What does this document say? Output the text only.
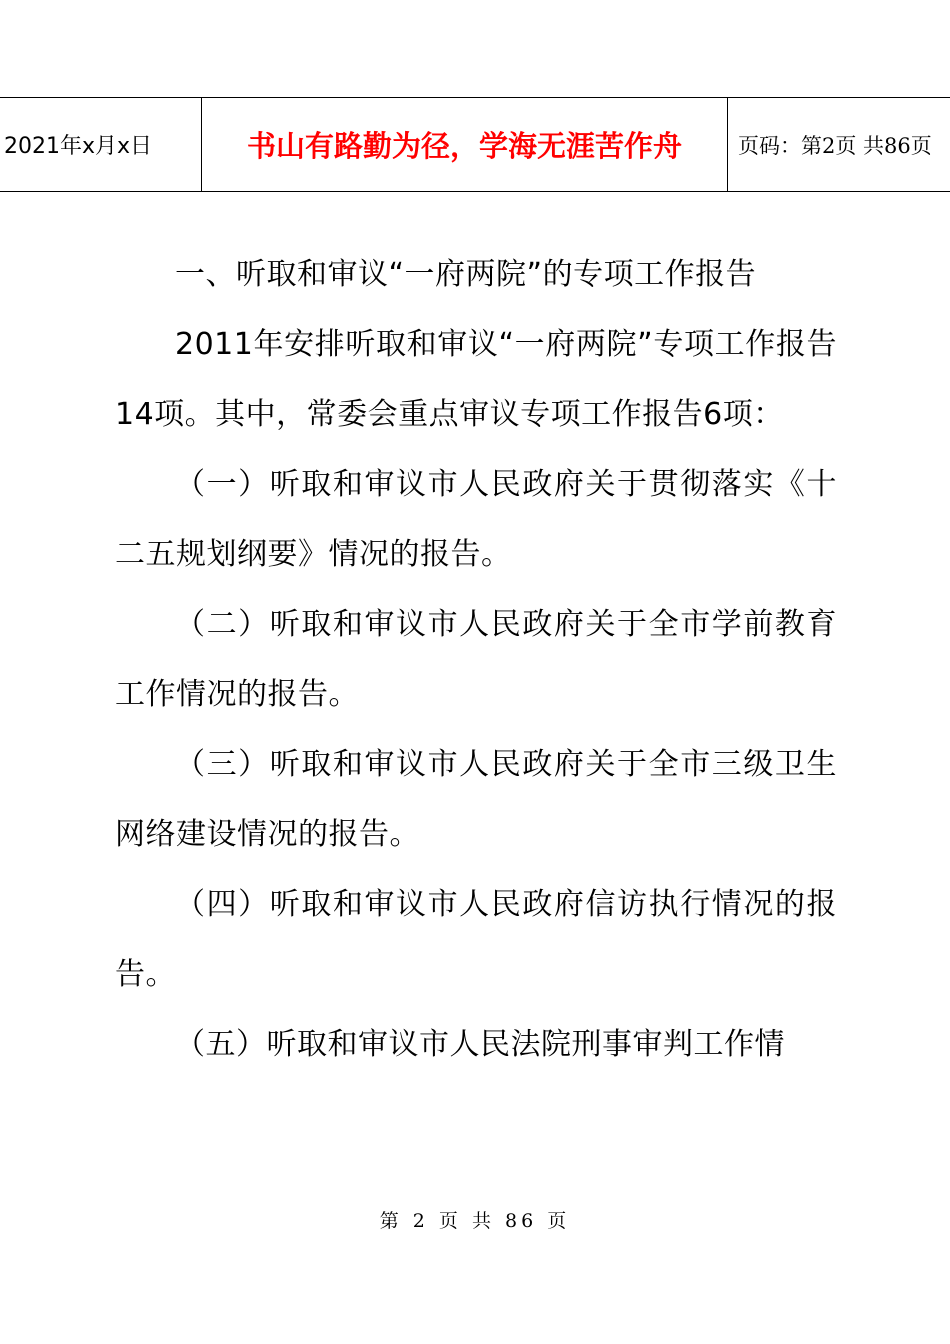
2021年x月x日	书山有路勤为径，学海无涯苦作舟	页码：第2页 共86页

一、听取和审议“一府两院”的专项工作报告

2011年安排听取和审议“一府两院”专项工作报告14项。其中，常委会重点审议专项工作报告6项：

（一）听取和审议市人民政府关于贯彻落实《十二五规划纲要》情况的报告。

（二）听取和审议市人民政府关于全市学前教育工作情况的报告。

（三）听取和审议市人民政府关于全市三级卫生网络建设情况的报告。

（四）听取和审议市人民政府信访执行情况的报告。

（五）听取和审议市人民法院刑事审判工作情

第 2 页 共 86 页
